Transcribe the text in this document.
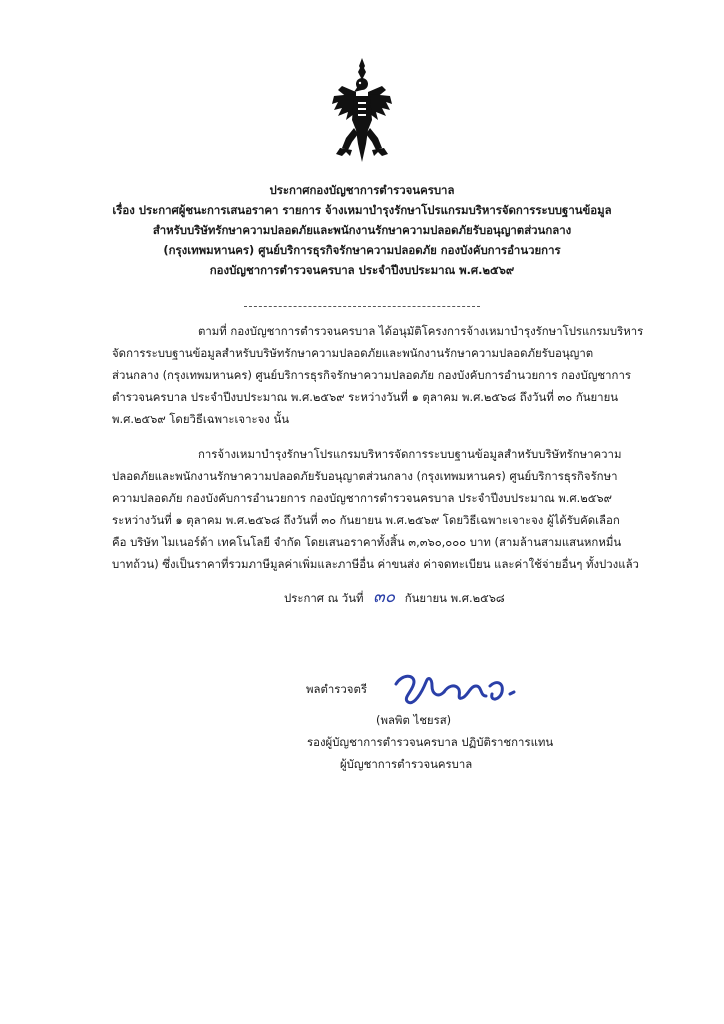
ประกาศกองบัญชาการตำรวจนครบาล
เรื่อง ประกาศผู้ชนะการเสนอราคา รายการ จ้างเหมาบำรุงรักษาโปรแกรมบริหารจัดการระบบฐานข้อมูล
สำหรับบริษัทรักษาความปลอดภัยและพนักงานรักษาความปลอดภัยรับอนุญาตส่วนกลาง
(กรุงเทพมหานคร) ศูนย์บริการธุรกิจรักษาความปลอดภัย กองบังคับการอำนวยการ
กองบัญชาการตำรวจนครบาล ประจำปีงบประมาณ พ.ศ.๒๕๖๙
ตามที่ กองบัญชาการตำรวจนครบาล ได้อนุมัติโครงการจ้างเหมาบำรุงรักษาโปรแกรมบริหาร
จัดการระบบฐานข้อมูลสำหรับบริษัทรักษาความปลอดภัยและพนักงานรักษาความปลอดภัยรับอนุญาต
ส่วนกลาง (กรุงเทพมหานคร) ศูนย์บริการธุรกิจรักษาความปลอดภัย กองบังคับการอำนวยการ กองบัญชาการ
ตำรวจนครบาล ประจำปีงบประมาณ พ.ศ.๒๕๖๙ ระหว่างวันที่ ๑ ตุลาคม พ.ศ.๒๕๖๘ ถึงวันที่ ๓๐ กันยายน
พ.ศ.๒๕๖๙ โดยวิธีเฉพาะเจาะจง นั้น
การจ้างเหมาบำรุงรักษาโปรแกรมบริหารจัดการระบบฐานข้อมูลสำหรับบริษัทรักษาความ
ปลอดภัยและพนักงานรักษาความปลอดภัยรับอนุญาตส่วนกลาง (กรุงเทพมหานคร) ศูนย์บริการธุรกิจรักษา
ความปลอดภัย กองบังคับการอำนวยการ กองบัญชาการตำรวจนครบาล ประจำปีงบประมาณ พ.ศ.๒๕๖๙
ระหว่างวันที่ ๑ ตุลาคม พ.ศ.๒๕๖๘ ถึงวันที่ ๓๐ กันยายน พ.ศ.๒๕๖๙ โดยวิธีเฉพาะเจาะจง ผู้ได้รับคัดเลือก
คือ บริษัท ไมเนอร์ด้า เทคโนโลยี จำกัด โดยเสนอราคาทั้งสิ้น ๓,๓๖๐,๐๐๐ บาท (สามล้านสามแสนหกหมื่น
บาทถ้วน) ซึ่งเป็นราคาที่รวมภาษีมูลค่าเพิ่มและภาษีอื่น ค่าขนส่ง ค่าจดทะเบียน และค่าใช้จ่ายอื่นๆ ทั้งปวงแล้ว
ประกาศ ณ วันที่ ๓๐ กันยายน พ.ศ.๒๕๖๘
พลตำรวจตรี
(พลพิต ไชยรส)
รองผู้บัญชาการตำรวจนครบาล ปฏิบัติราชการแทน
ผู้บัญชาการตำรวจนครบาล
